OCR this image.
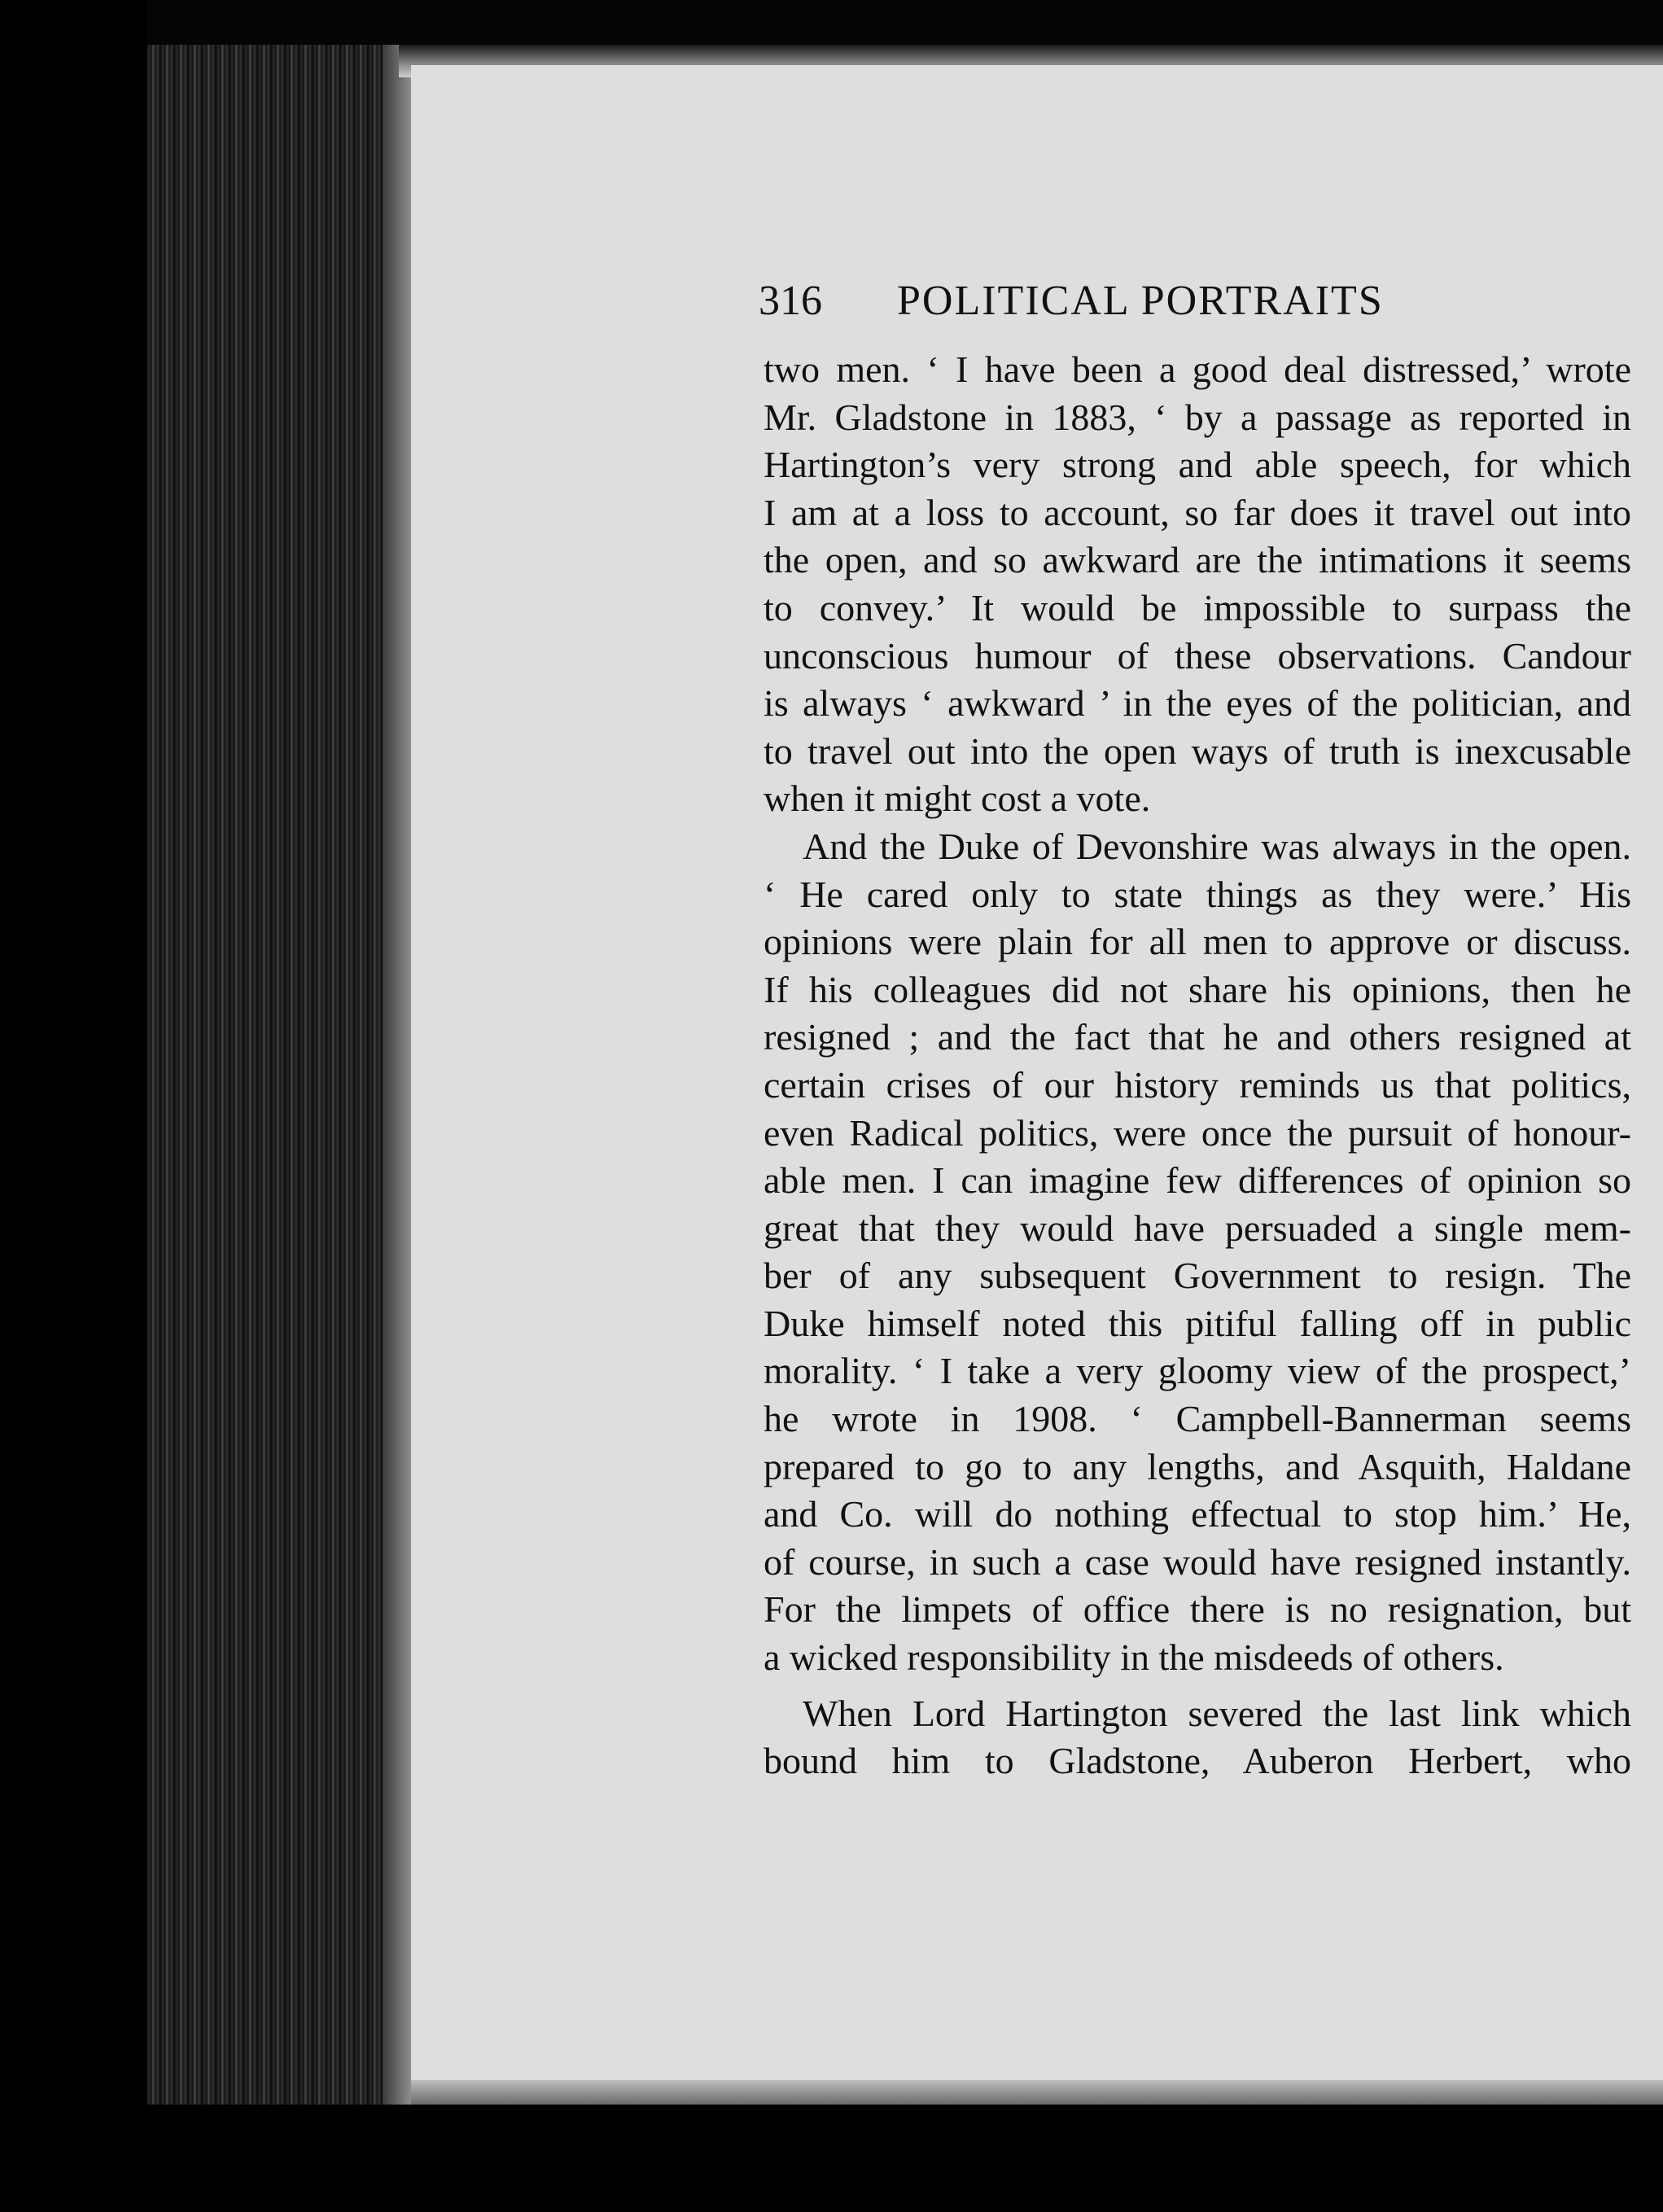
316 POLITICAL PORTRAITS
two men. ‘ I have been a good deal distressed,’ wrote
Mr. Gladstone in 1883, ‘ by a passage as reported in
Hartington’s very strong and able speech, for which
I am at a loss to account, so far does it travel out into
the open, and so awkward are the intimations it seems
to convey.’ It would be impossible to surpass the
unconscious humour of these observations. Candour
is always ‘ awkward ’ in the eyes of the politician, and
to travel out into the open ways of truth is inexcusable
when it might cost a vote.
And the Duke of Devonshire was always in the open.
‘ He cared only to state things as they were.’ His
opinions were plain for all men to approve or discuss.
If his colleagues did not share his opinions, then he
resigned ; and the fact that he and others resigned at
certain crises of our history reminds us that politics,
even Radical politics, were once the pursuit of honour-
able men. I can imagine few differences of opinion so
great that they would have persuaded a single mem-
ber of any subsequent Government to resign. The
Duke himself noted this pitiful falling off in public
morality. ‘ I take a very gloomy view of the prospect,’
he wrote in 1908. ‘ Campbell-Bannerman seems
prepared to go to any lengths, and Asquith, Haldane
and Co. will do nothing effectual to stop him.’ He,
of course, in such a case would have resigned instantly.
For the limpets of office there is no resignation, but
a wicked responsibility in the misdeeds of others.
When Lord Hartington severed the last link which
bound him to Gladstone, Auberon Herbert, who
